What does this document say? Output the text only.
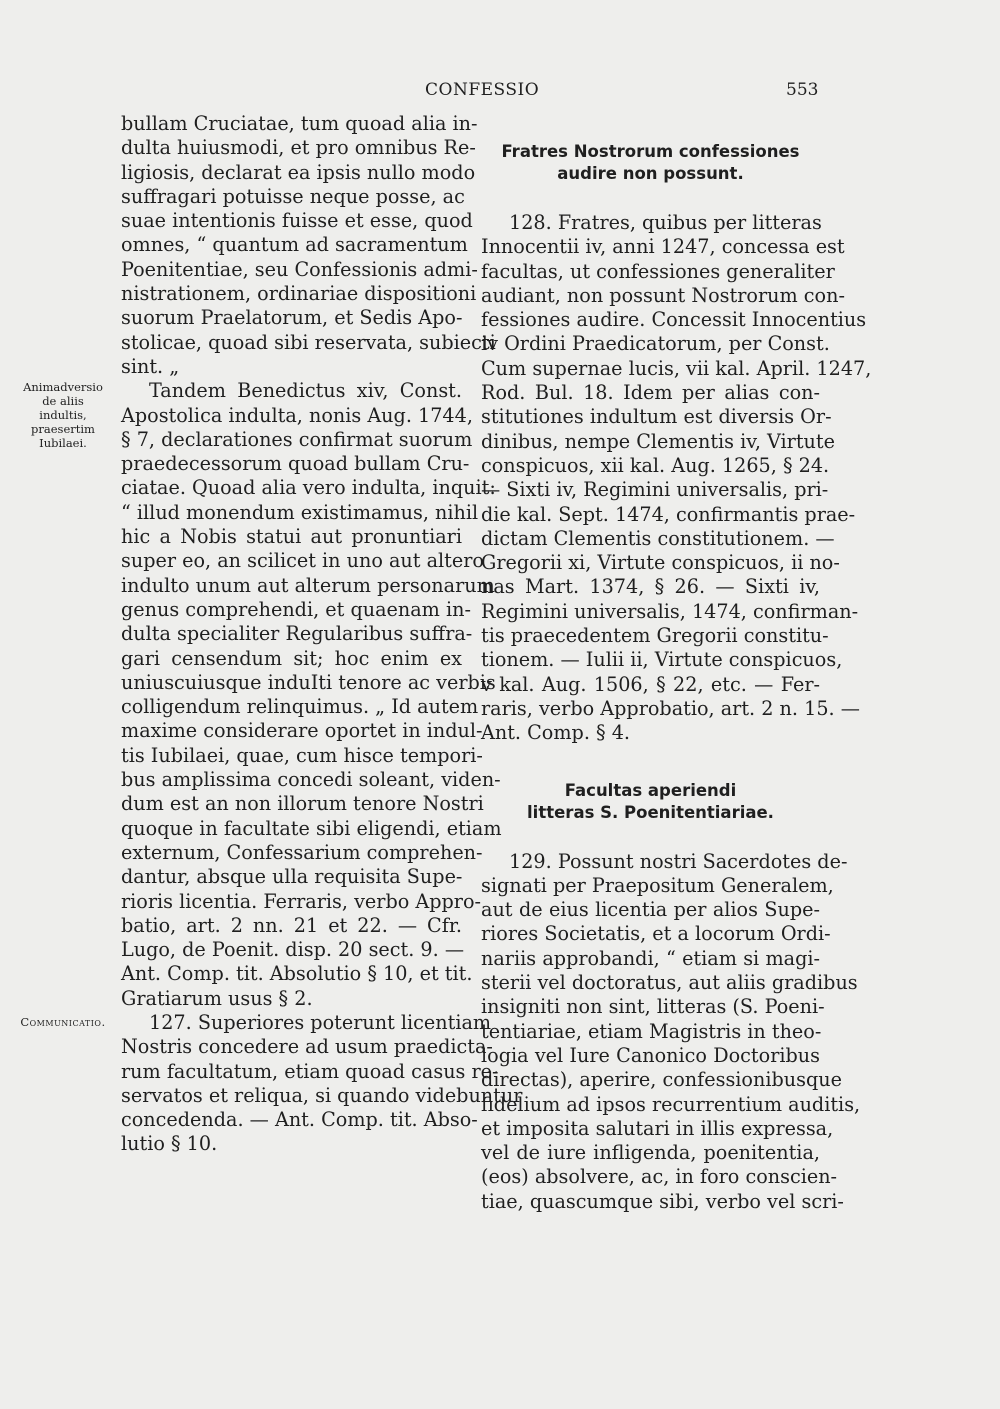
CONFESSIO	553
Animadversio
de aliis
indultis,
praesertim
Iubilaei.
Communicatio.
bullam Cruciatae, tum quoad alia in-
dulta huiusmodi, et pro omnibus Re-
ligiosis, declarat ea ipsis nullo modo
suffragari potuisse neque posse, ac
suae intentionis fuisse et esse, quod
omnes, “ quantum ad sacramentum
Poenitentiae, seu Confessionis admi-
nistrationem, ordinariae dispositioni
suorum Praelatorum, et Sedis Apo-
stolicae, quoad sibi reservata, subiecti
sint. „
Tandem Benedictus xiv, Const.
Apostolica indulta, nonis Aug. 1744,
§ 7, declarationes confirmat suorum
praedecessorum quoad bullam Cru-
ciatae. Quoad alia vero indulta, inquit:
“ illud monendum existimamus, nihil
hic a Nobis statui aut pronuntiari
super eo, an scilicet in uno aut altero
indulto unum aut alterum personarum
genus comprehendi, et quaenam in-
dulta specialiter Regularibus suffra-
gari censendum sit; hoc enim ex
uniuscuiusque induIti tenore ac verbis
colligendum relinquimus. „ Id autem
maxime considerare oportet in indul-
tis Iubilaei, quae, cum hisce tempori-
bus amplissima concedi soleant, viden-
dum est an non illorum tenore Nostri
quoque in facultate sibi eligendi, etiam
externum, Confessarium comprehen-
dantur, absque ulla requisita Supe-
rioris licentia. Ferraris, verbo Appro-
batio, art. 2 nn. 21 et 22. — Cfr.
Lugo, de Poenit. disp. 20 sect. 9. —
Ant. Comp. tit. Absolutio § 10, et tit.
Gratiarum usus § 2.
127. Superiores poterunt licentiam
Nostris concedere ad usum praedicta-
rum facultatum, etiam quoad casus re-
servatos et reliqua, si quando videbuntur
concedenda. — Ant. Comp. tit. Abso-
lutio § 10.
Fratres Nostrorum confessiones
audire non possunt.
128. Fratres, quibus per litteras
Innocentii iv, anni 1247, concessa est
facultas, ut confessiones generaliter
audiant, non possunt Nostrorum con-
fessiones audire. Concessit Innocentius
iv Ordini Praedicatorum, per Const.
Cum supernae lucis, vii kal. April. 1247,
Rod. Bul. 18. Idem per alias con-
stitutiones indultum est diversis Or-
dinibus, nempe Clementis iv, Virtute
conspicuos, xii kal. Aug. 1265, § 24.
— Sixti iv, Regimini universalis, pri-
die kal. Sept. 1474, confirmantis prae-
dictam Clementis constitutionem. —
Gregorii xi, Virtute conspicuos, ii no-
nas Mart. 1374, § 26. — Sixti iv,
Regimini universalis, 1474, confirman-
tis praecedentem Gregorii constitu-
tionem. — Iulii ii, Virtute conspicuos,
v kal. Aug. 1506, § 22, etc. — Fer-
raris, verbo Approbatio, art. 2 n. 15. —
Ant. Comp. § 4.
Facultas aperiendi
litteras S. Poenitentiariae.
129. Possunt nostri Sacerdotes de-
signati per Praepositum Generalem,
aut de eius licentia per alios Supe-
riores Societatis, et a locorum Ordi-
nariis approbandi, “ etiam si magi-
sterii vel doctoratus, aut aliis gradibus
insigniti non sint, litteras (S. Poeni-
tentiariae, etiam Magistris in theo-
logia vel Iure Canonico Doctoribus
directas), aperire, confessionibusque
fidelium ad ipsos recurrentium auditis,
et imposita salutari in illis expressa,
vel de iure infligenda, poenitentia,
(eos) absolvere, ac, in foro conscien-
tiae, quascumque sibi, verbo vel scri-
